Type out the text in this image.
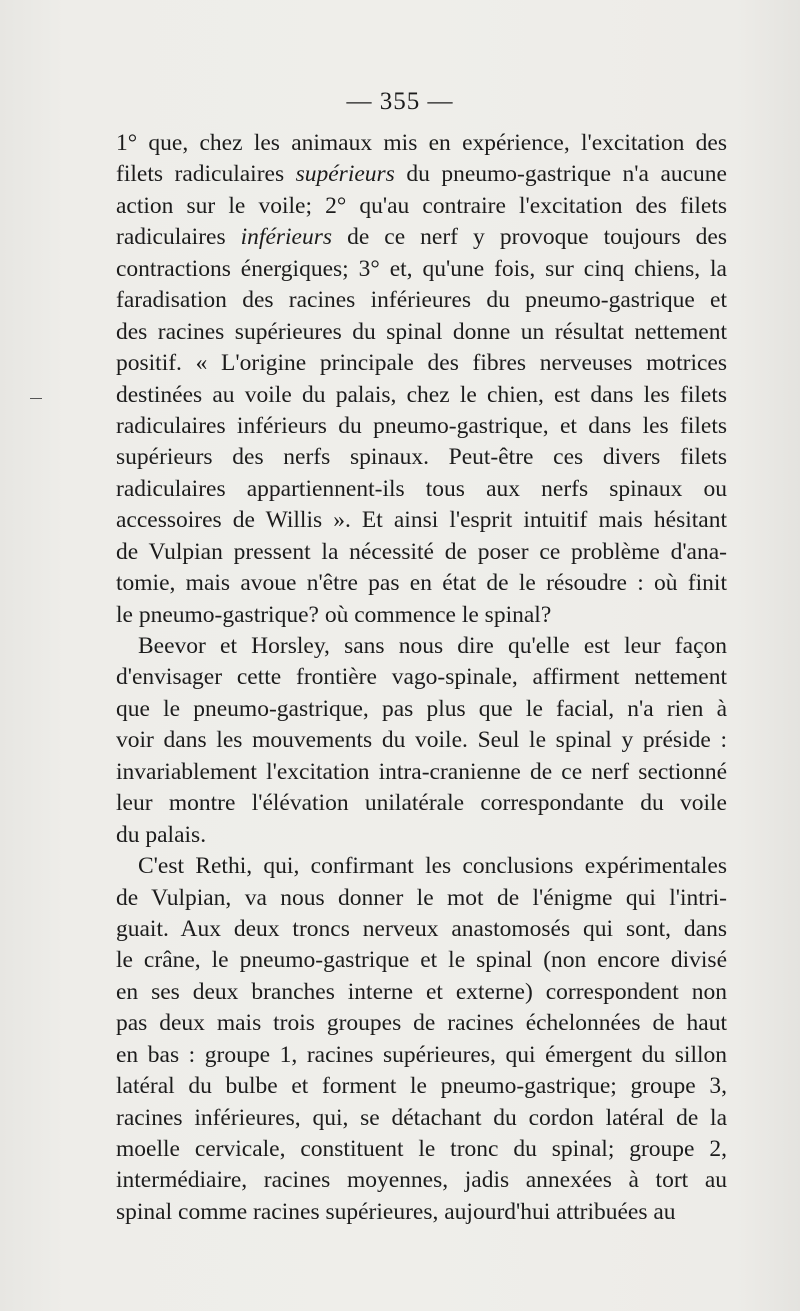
— 355 —
1° que, chez les animaux mis en expérience, l'excitation des
filets radiculaires supérieurs du pneumo-gastrique n'a aucune
action sur le voile; 2° qu'au contraire l'excitation des filets
radiculaires inférieurs de ce nerf y provoque toujours des
contractions énergiques; 3° et, qu'une fois, sur cinq chiens, la
faradisation des racines inférieures du pneumo-gastrique et
des racines supérieures du spinal donne un résultat nettement
positif. « L'origine principale des fibres nerveuses motrices
destinées au voile du palais, chez le chien, est dans les filets
radiculaires inférieurs du pneumo-gastrique, et dans les filets
supérieurs des nerfs spinaux. Peut-être ces divers filets
radiculaires appartiennent-ils tous aux nerfs spinaux ou
accessoires de Willis ». Et ainsi l'esprit intuitif mais hésitant
de Vulpian pressent la nécessité de poser ce problème d'ana-
tomie, mais avoue n'être pas en état de le résoudre : où finit
le pneumo-gastrique? où commence le spinal?
Beevor et Horsley, sans nous dire qu'elle est leur façon
d'envisager cette frontière vago-spinale, affirment nettement
que le pneumo-gastrique, pas plus que le facial, n'a rien à
voir dans les mouvements du voile. Seul le spinal y préside :
invariablement l'excitation intra-cranienne de ce nerf sectionné
leur montre l'élévation unilatérale correspondante du voile
du palais.
C'est Rethi, qui, confirmant les conclusions expérimentales
de Vulpian, va nous donner le mot de l'énigme qui l'intri-
guait. Aux deux troncs nerveux anastomosés qui sont, dans
le crâne, le pneumo-gastrique et le spinal (non encore divisé
en ses deux branches interne et externe) correspondent non
pas deux mais trois groupes de racines échelonnées de haut
en bas : groupe 1, racines supérieures, qui émergent du sillon
latéral du bulbe et forment le pneumo-gastrique; groupe 3,
racines inférieures, qui, se détachant du cordon latéral de la
moelle cervicale, constituent le tronc du spinal; groupe 2,
intermédiaire, racines moyennes, jadis annexées à tort au
spinal comme racines supérieures, aujourd'hui attribuées au
